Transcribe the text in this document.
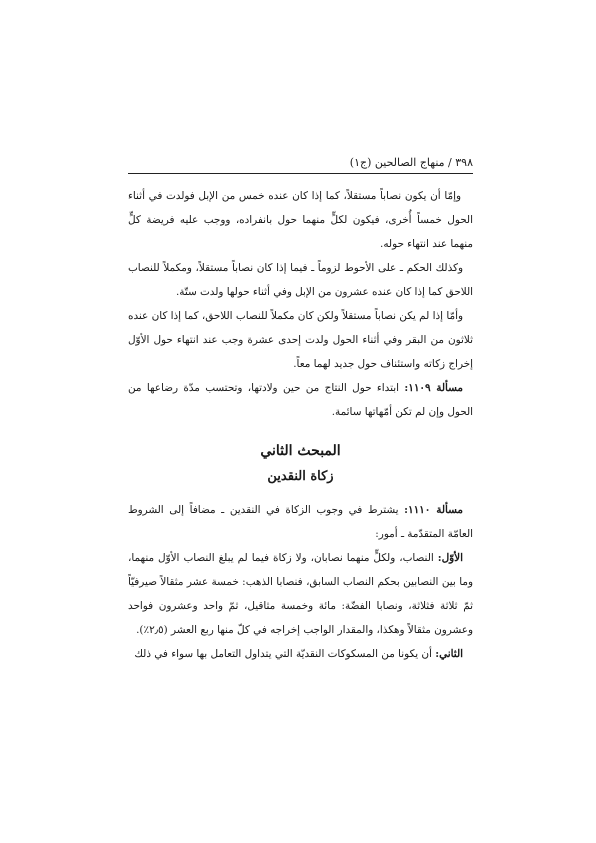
٣٩٨ / منهاج الصالحين (ج١)

وإمّا أن يكون نصاباً مستقلاً، كما إذا كان عنده خمس من الإبل فولدت في أثناء الحول خمساً أُخرى، فيكون لكلٍّ منهما حول بانفراده، ووجب عليه فريضة كلٍّ منهما عند انتهاء حوله.

وكذلك الحكم ـ على الأحوط لزوماً ـ فيما إذا كان نصاباً مستقلاً، ومكملاً للنصاب اللاحق كما إذا كان عنده عشرون من الإبل وفي أثناء حولها ولدت ستّة.

وأمّا إذا لم يكن نصاباً مستقلاً ولكن كان مكملاً للنصاب اللاحق، كما إذا كان عنده ثلاثون من البقر وفي أثناء الحول ولدت إحدى عشرة وجب عند انتهاء حول الأوّل إخراج زكاته واستئناف حول جديد لهما معاً.

مسألة ١١٠٩: ابتداء حول النتاج من حين ولادتها، وتحتسب مدّة رضاعها من الحول وإن لم تكن أمّهاتها سائمة.

المبحث الثاني
زكاة النقدين

مسألة ١١١٠: يشترط في وجوب الزكاة في النقدين ـ مضافاً إلى الشروط العامّة المتقدّمة ـ أمور:

الأوّل: النصاب، ولكلٍّ منهما نصابان، ولا زكاة فيما لم يبلغ النصاب الأوّل منهما، وما بين النصابين بحكم النصاب السابق، فنصابا الذهب: خمسة عشر مثقالاً صيرفيّاً ثمّ ثلاثة فثلاثة، ونصابا الفضّة: مائة وخمسة مثاقيل، ثمّ واحد وعشرون فواحد وعشرون مثقالاً وهكذا، والمقدار الواجب إخراجه في كلّ منها ربع العشر (٢٫٥٪).

الثاني: أن يكونا من المسكوكات النقديّة التي يتداول التعامل بها سواء في ذلك
